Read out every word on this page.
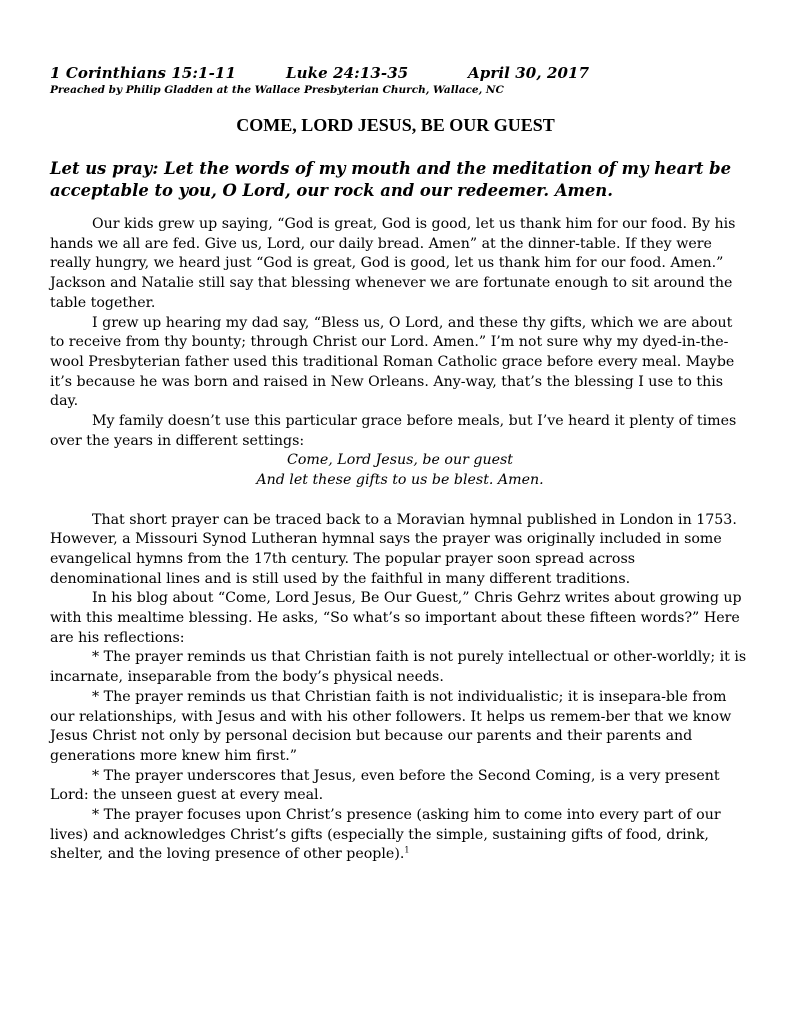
1 Corinthians 15:1-11	Luke 24:13-35	April 30, 2017
Preached by Philip Gladden at the Wallace Presbyterian Church, Wallace, NC
COME, LORD JESUS, BE OUR GUEST
Let us pray: Let the words of my mouth and the meditation of my heart be acceptable to you, O Lord, our rock and our redeemer. Amen.

Our kids grew up saying, “God is great, God is good, let us thank him for our food. By his hands we all are fed. Give us, Lord, our daily bread. Amen” at the dinner-table. If they were really hungry, we heard just “God is great, God is good, let us thank him for our food. Amen.” Jackson and Natalie still say that blessing whenever we are fortunate enough to sit around the table together.

I grew up hearing my dad say, “Bless us, O Lord, and these thy gifts, which we are about to receive from thy bounty; through Christ our Lord. Amen.” I’m not sure why my dyed-in-the-wool Presbyterian father used this traditional Roman Catholic grace before every meal. Maybe it’s because he was born and raised in New Orleans. Any-way, that’s the blessing I use to this day.

My family doesn’t use this particular grace before meals, but I’ve heard it plenty of times over the years in different settings:

Come, Lord Jesus, be our guest
And let these gifts to us be blest. Amen.

That short prayer can be traced back to a Moravian hymnal published in London in 1753. However, a Missouri Synod Lutheran hymnal says the prayer was originally included in some evangelical hymns from the 17th century. The popular prayer soon spread across denominational lines and is still used by the faithful in many different traditions.

In his blog about “Come, Lord Jesus, Be Our Guest,” Chris Gehrz writes about growing up with this mealtime blessing. He asks, “So what’s so important about these fifteen words?” Here are his reflections:

* The prayer reminds us that Christian faith is not purely intellectual or other-worldly; it is incarnate, inseparable from the body’s physical needs.

* The prayer reminds us that Christian faith is not individualistic; it is insepara-ble from our relationships, with Jesus and with his other followers. It helps us remem-ber that we know Jesus Christ not only by personal decision but because our parents and their parents and generations more knew him first.”

* The prayer underscores that Jesus, even before the Second Coming, is a very present Lord: the unseen guest at every meal.

* The prayer focuses upon Christ’s presence (asking him to come into every part of our lives) and acknowledges Christ’s gifts (especially the simple, sustaining gifts of food, drink, shelter, and the loving presence of other people).$^1$
